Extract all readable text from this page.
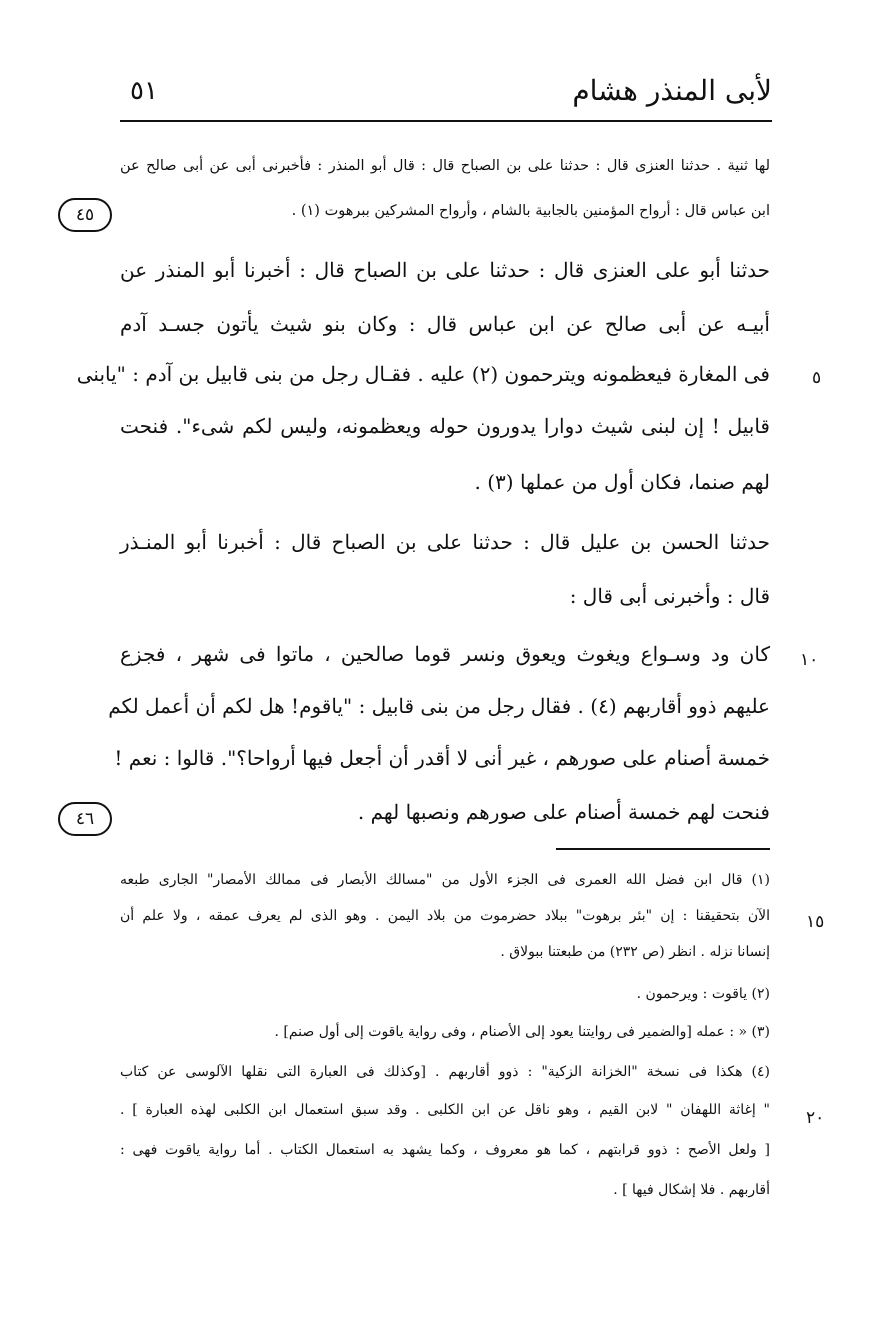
لأبى المنذر هشام
٥١
لها ثنية . حدثنا العنزى قال : حدثنا على بن الصباح قال : قال أبو المنذر : فأخبرنى أبى عن أبى صالح عن
ابن عباس قال : أرواح المؤمنين بالجابية بالشام ، وأرواح المشركين ببرهوت (١) .
٤٥
حدثنا أبو على العنزى قال : حدثنا على بن الصباح قال : أخبرنا أبو المنذر عن
أبيـه عن أبى صالح عن ابن عباس قال : وكان بنو شيث يأتون جسـد آدم
فى المغارة فيعظمونه ويترحمون (٢) عليه . فقـال رجل من بنى قابيل بن آدم : "يابنى
قابيل ! إن لبنى شيث دوارا يدورون حوله ويعظمونه، وليس لكم شىء". فنحت
لهم صنما، فكان أول من عملها (٣) .
٥
حدثنا الحسن بن عليل قال : حدثنا على بن الصباح قال : أخبرنا أبو المنـذر
قال : وأخبرنى أبى قال :
كان ود وسـواع ويغوث ويعوق ونسر قوما صالحين ، ماتوا فى شهر ، فجزع
عليهم ذوو أقاربهم (٤) . فقال رجل من بنى قابيل : "ياقوم! هل لكم أن أعمل لكم
خمسة أصنام على صورهم ، غير أنى لا أقدر أن أجعل فيها أرواحا؟". قالوا : نعم !
فنحت لهم خمسة أصنام على صورهم ونصبها لهم .
١٠
٤٦
(١) قال ابن فضل الله العمرى فى الجزء الأول من "مسالك الأبصار فى ممالك الأمصار" الجارى طبعه
الآن بتحقيقنا : إن "بئر برهوت" ببلاد حضرموت من بلاد اليمن . وهو الذى لم يعرف عمقه ، ولا علم أن
إنسانا نزله . انظر (ص ٢٣٢) من طبعتنا ببولاق .
(٢) ياقوت : ويرحمون .
(٣) « : عمله [والضمير فى روايتنا يعود إلى الأصنام ، وفى رواية ياقوت إلى أول صنم] .
(٤) هكذا فى نسخة "الخزانة الزكية" : ذوو أقاربهم . [وكذلك فى العبارة التى نقلها الآلوسى عن كتاب
" إغاثة اللهفان " لابن القيم ، وهو ناقل عن ابن الكلبى . وقد سبق استعمال ابن الكلبى لهذه العبارة ] .
[ ولعل الأصح : ذوو قرابتهم ، كما هو معروف ، وكما يشهد به استعمال الكتاب . أما رواية ياقوت فهى :
أقاربهم . فلا إشكال فيها ] .
١٥
٢٠
